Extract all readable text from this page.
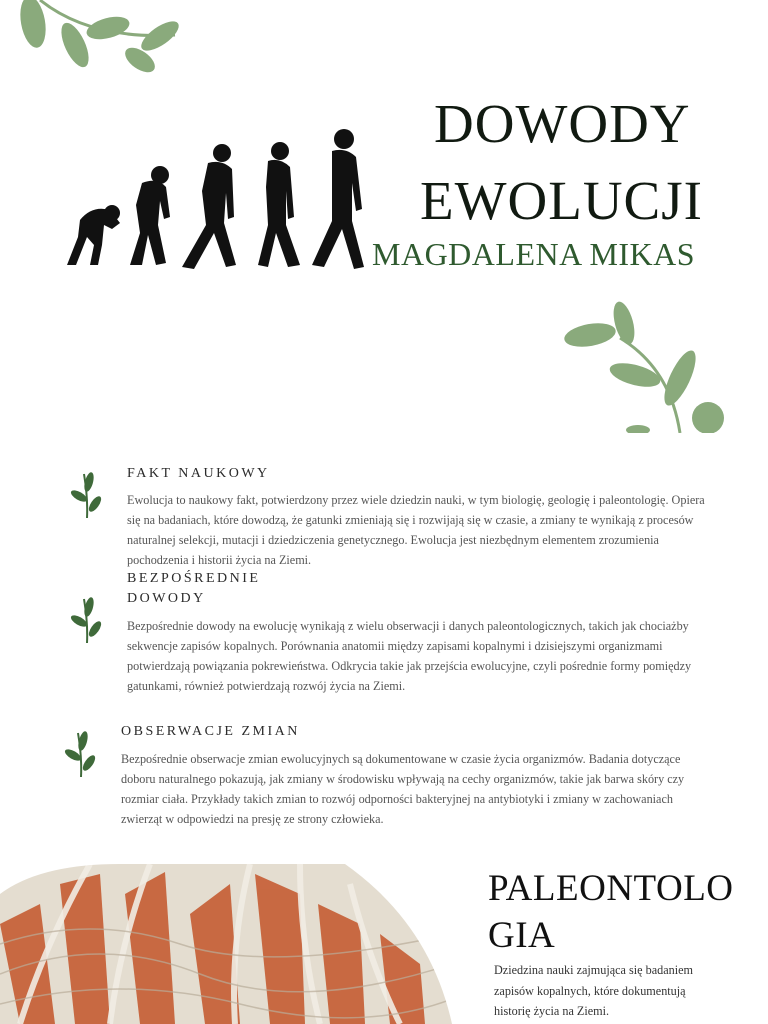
DOWODY
EWOLUCJI
MAGDALENA MIKAS
FAKT NAUKOWY
Ewolucja to naukowy fakt, potwierdzony przez wiele dziedzin nauki, w tym biologię, geologię i paleontologię. Opiera się na badaniach, które dowodzą, że gatunki zmieniają się i rozwijają się w czasie, a zmiany te wynikają z procesów naturalnej selekcji, mutacji i dziedziczenia genetycznego. Ewolucja jest niezbędnym elementem zrozumienia pochodzenia i historii życia na Ziemi.
BEZPOŚREDNIE
DOWODY
Bezpośrednie dowody na ewolucję wynikają z wielu obserwacji i danych paleontologicznych, takich jak chociażby sekwencje zapisów kopalnych. Porównania anatomii między zapisami kopalnymi i dzisiejszymi organizmami potwierdzają powiązania pokrewieństwa. Odkrycia takie jak przejścia ewolucyjne, czyli pośrednie formy pomiędzy gatunkami, również potwierdzają rozwój życia na Ziemi.
OBSERWACJE ZMIAN
Bezpośrednie obserwacje zmian ewolucyjnych są dokumentowane w czasie życia organizmów. Badania dotyczące doboru naturalnego pokazują, jak zmiany w środowisku wpływają na cechy organizmów, takie jak barwa skóry czy rozmiar ciała. Przykłady takich zmian to rozwój odporności bakteryjnej na antybiotyki i zmiany w zachowaniach zwierząt w odpowiedzi na presję ze strony człowieka.
PALEONTOLO
GIA
Dziedzina nauki zajmująca się badaniem zapisów kopalnych, które dokumentują historię życia na Ziemi.
